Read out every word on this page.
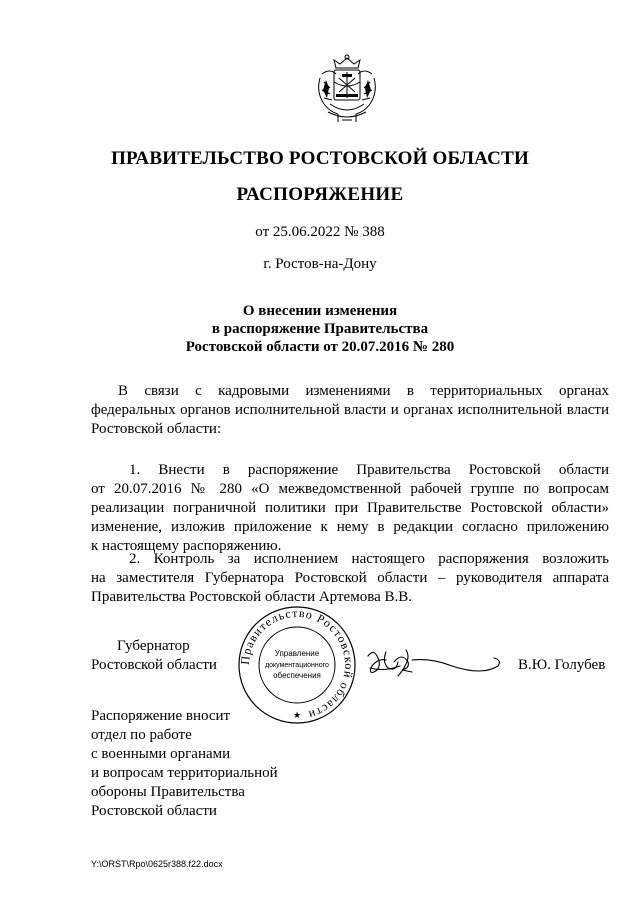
ПРАВИТЕЛЬСТВО РОСТОВСКОЙ ОБЛАСТИ
РАСПОРЯЖЕНИЕ
от 25.06.2022 № 388
г. Ростов-на-Дону
О внесении изменения
в распоряжение Правительства
Ростовской области от 20.07.2016 № 280
В связи с кадровыми изменениями в территориальных органах
федеральных органов исполнительной власти и органах исполнительной власти
Ростовской области:
1. Внести в распоряжение Правительства Ростовской области
от 20.07.2016 № 280 «О межведомственной рабочей группе по вопросам
реализации пограничной политики при Правительстве Ростовской области»
изменение, изложив приложение к нему в редакции согласно приложению
к настоящему распоряжению.
2. Контроль за исполнением настоящего распоряжения возложить
на заместителя Губернатора Ростовской области – руководителя аппарата
Правительства Ростовской области Артемова В.В.
Губернатор
Ростовской области	В.Ю. Голубев
Правительство Ростовской области
Управление
документационного
обеспечения
★
Распоряжение вносит
отдел по работе
с военными органами
и вопросам территориальной
обороны Правительства
Ростовской области
Y:\ORST\Rpo\0625r388.f22.docx
